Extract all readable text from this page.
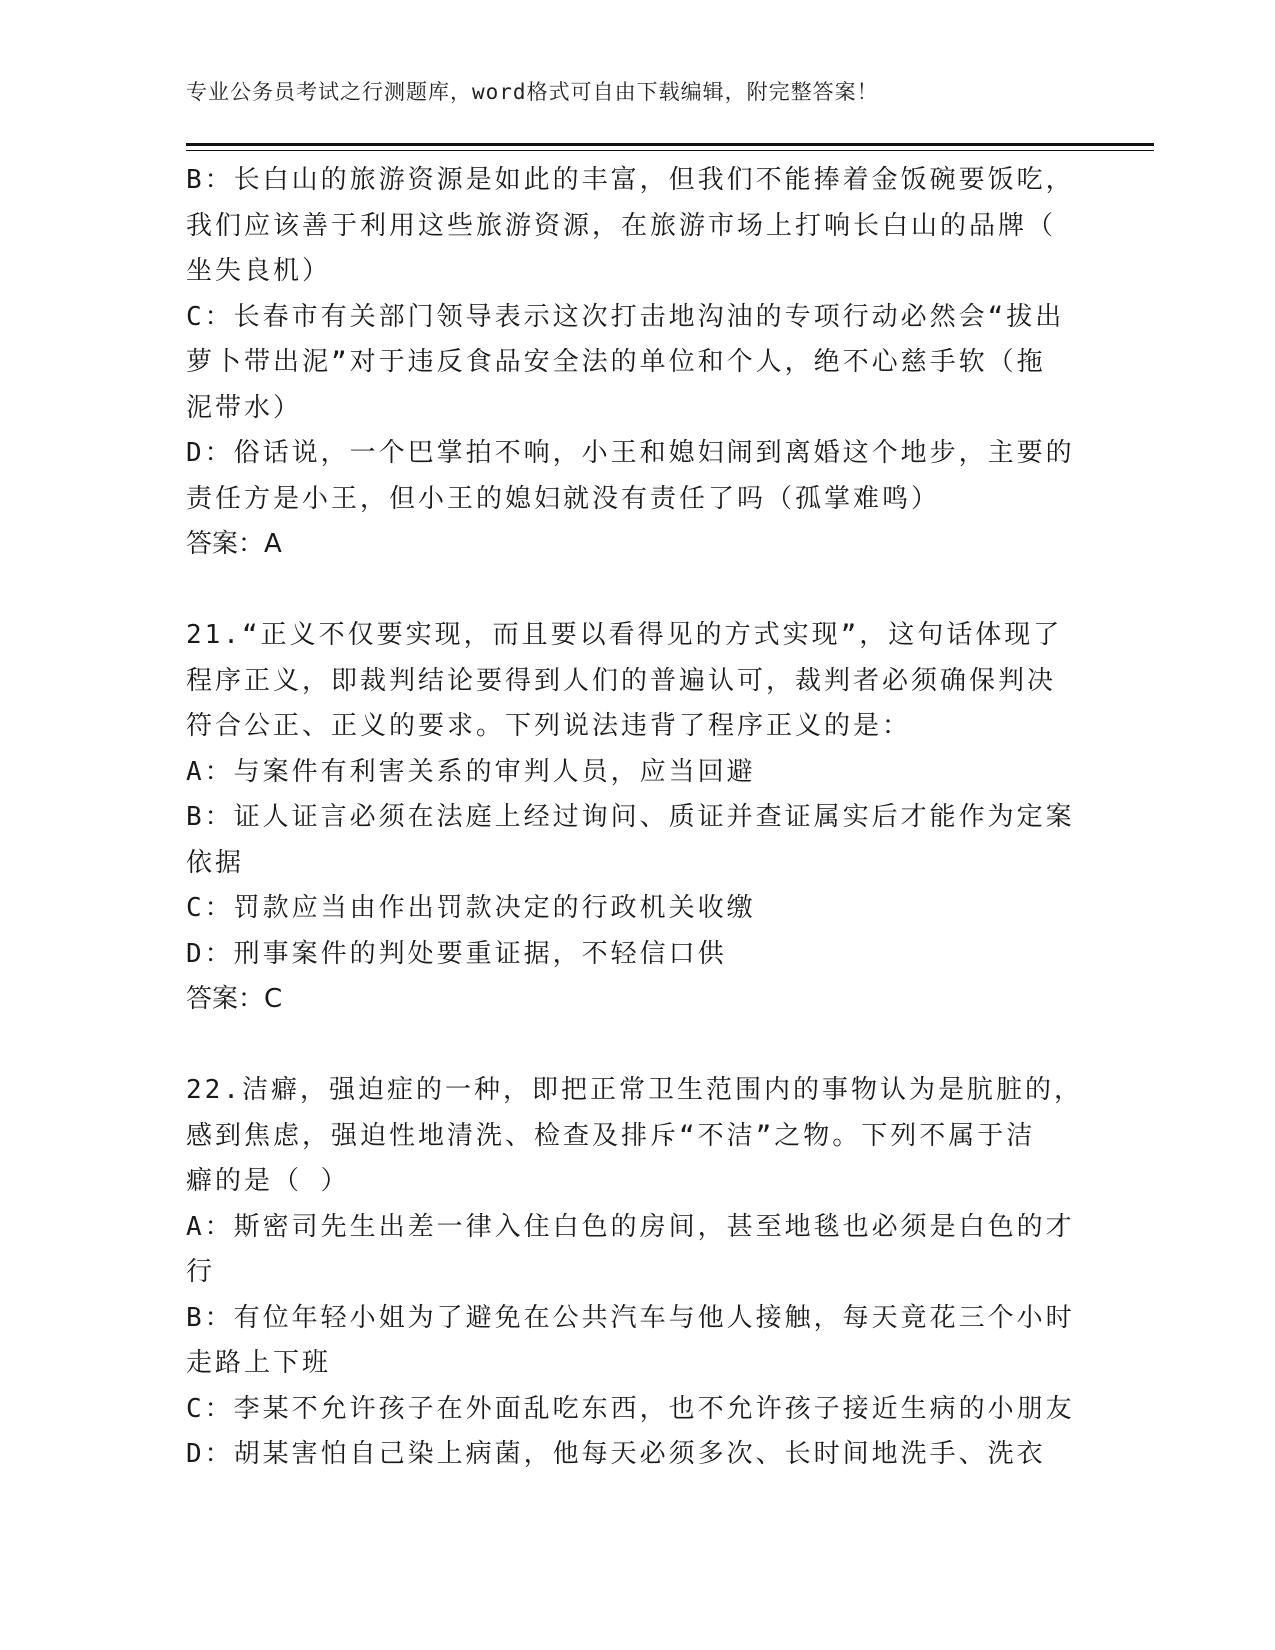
专业公务员考试之行测题库，word格式可自由下载编辑，附完整答案！
B：长白山的旅游资源是如此的丰富，但我们不能捧着金饭碗要饭吃，
我们应该善于利用这些旅游资源，在旅游市场上打响长白山的品牌（
坐失良机）
C：长春市有关部门领导表示这次打击地沟油的专项行动必然会“拔出
萝卜带出泥”对于违反食品安全法的单位和个人，绝不心慈手软（拖
泥带水）
D：俗话说，一个巴掌拍不响，小王和媳妇闹到离婚这个地步，主要的
责任方是小王，但小王的媳妇就没有责任了吗（孤掌难鸣）
答案：A
21.“正义不仅要实现，而且要以看得见的方式实现”，这句话体现了
程序正义，即裁判结论要得到人们的普遍认可，裁判者必须确保判决
符合公正、正义的要求。下列说法违背了程序正义的是：
A：与案件有利害关系的审判人员，应当回避
B：证人证言必须在法庭上经过询问、质证并查证属实后才能作为定案
依据
C：罚款应当由作出罚款决定的行政机关收缴
D：刑事案件的判处要重证据，不轻信口供
答案：C
22.洁癖，强迫症的一种，即把正常卫生范围内的事物认为是肮脏的，
感到焦虑，强迫性地清洗、检查及排斥“不洁”之物。下列不属于洁
癖的是（ ）
A：斯密司先生出差一律入住白色的房间，甚至地毯也必须是白色的才
行
B：有位年轻小姐为了避免在公共汽车与他人接触，每天竟花三个小时
走路上下班
C：李某不允许孩子在外面乱吃东西，也不允许孩子接近生病的小朋友
D：胡某害怕自己染上病菌，他每天必须多次、长时间地洗手、洗衣
